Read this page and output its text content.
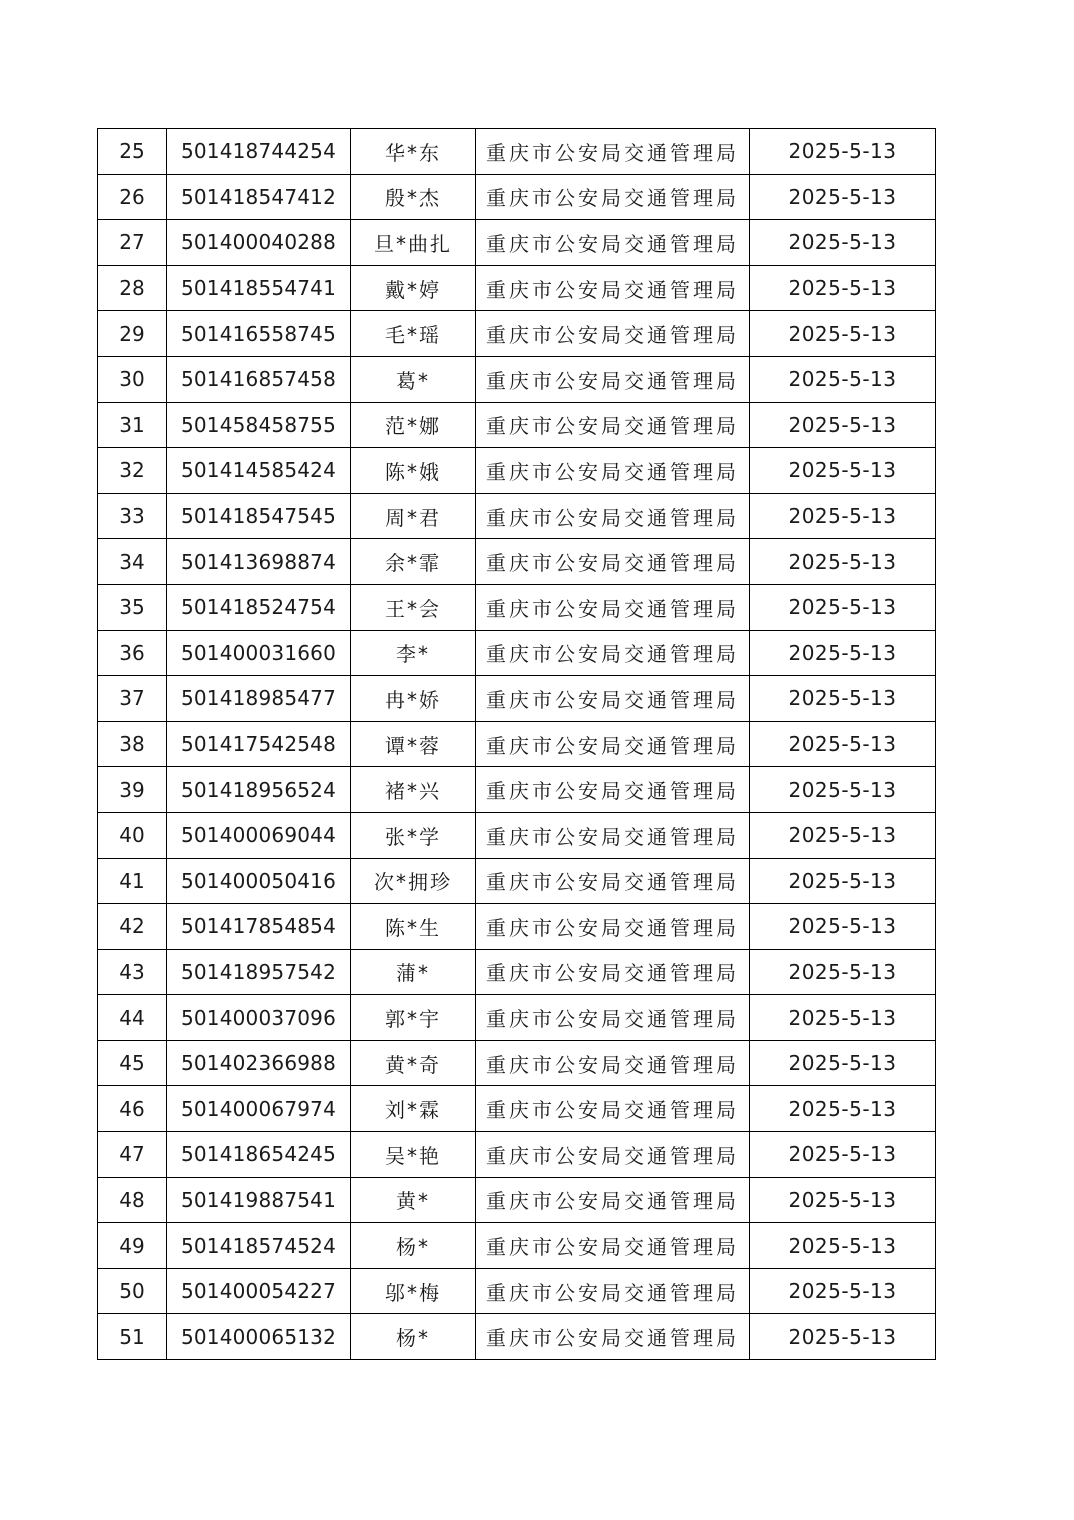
25	501418744254	华*东	重庆市公安局交通管理局	2025-5-13
26	501418547412	殷*杰	重庆市公安局交通管理局	2025-5-13
27	501400040288	旦*曲扎	重庆市公安局交通管理局	2025-5-13
28	501418554741	戴*婷	重庆市公安局交通管理局	2025-5-13
29	501416558745	毛*瑶	重庆市公安局交通管理局	2025-5-13
30	501416857458	葛*	重庆市公安局交通管理局	2025-5-13
31	501458458755	范*娜	重庆市公安局交通管理局	2025-5-13
32	501414585424	陈*娥	重庆市公安局交通管理局	2025-5-13
33	501418547545	周*君	重庆市公安局交通管理局	2025-5-13
34	501413698874	余*霏	重庆市公安局交通管理局	2025-5-13
35	501418524754	王*会	重庆市公安局交通管理局	2025-5-13
36	501400031660	李*	重庆市公安局交通管理局	2025-5-13
37	501418985477	冉*娇	重庆市公安局交通管理局	2025-5-13
38	501417542548	谭*蓉	重庆市公安局交通管理局	2025-5-13
39	501418956524	褚*兴	重庆市公安局交通管理局	2025-5-13
40	501400069044	张*学	重庆市公安局交通管理局	2025-5-13
41	501400050416	次*拥珍	重庆市公安局交通管理局	2025-5-13
42	501417854854	陈*生	重庆市公安局交通管理局	2025-5-13
43	501418957542	蒲*	重庆市公安局交通管理局	2025-5-13
44	501400037096	郭*宇	重庆市公安局交通管理局	2025-5-13
45	501402366988	黄*奇	重庆市公安局交通管理局	2025-5-13
46	501400067974	刘*霖	重庆市公安局交通管理局	2025-5-13
47	501418654245	吴*艳	重庆市公安局交通管理局	2025-5-13
48	501419887541	黄*	重庆市公安局交通管理局	2025-5-13
49	501418574524	杨*	重庆市公安局交通管理局	2025-5-13
50	501400054227	邬*梅	重庆市公安局交通管理局	2025-5-13
51	501400065132	杨*	重庆市公安局交通管理局	2025-5-13
